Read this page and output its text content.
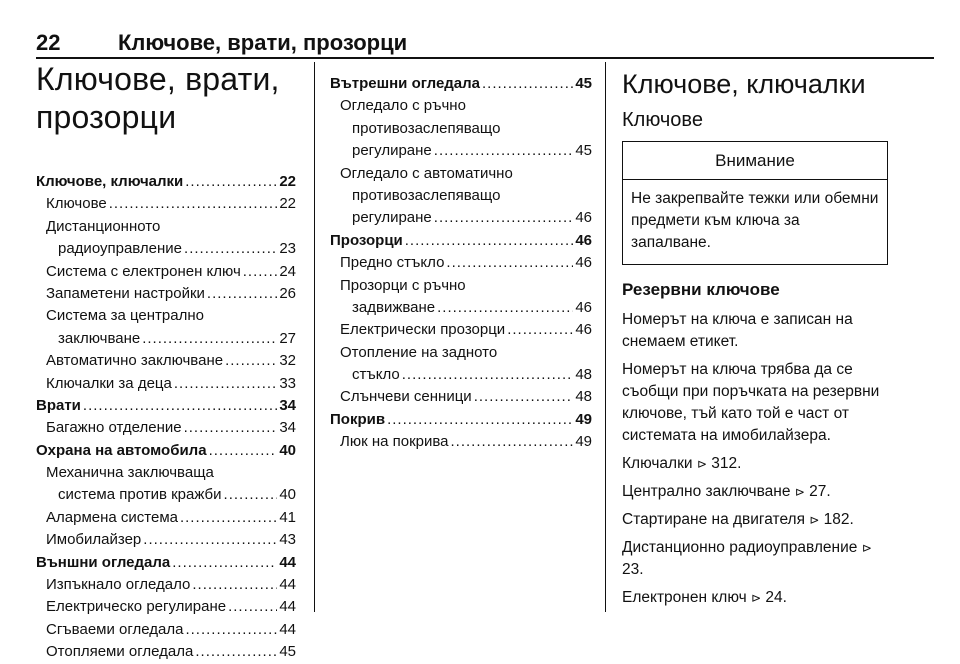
22	Ключове, врати, прозорци
Ключове, врати,
прозорци
Ключове, ключалки .....	22
Ключове .....	22
Дистанционното
радиоуправление .....	23
Система с електронен ключ .....	24
Запаметени настройки .....	26
Система за централно
заключване .....	27
Автоматично заключване .....	32
Ключалки за деца .....	33
Врати .....	34
Багажно отделение .....	34
Охрана на автомобила .....	40
Механична заключваща
система против кражби .....	40
Алармена система .....	41
Имобилайзер .....	43
Външни огледала .....	44
Изпъкнало огледало .....	44
Електрическо регулиране .....	44
Сгъваеми огледала .....	44
Отопляеми огледала .....	45
Вътрешни огледала .....	45
Огледало с ръчно
противозаслепяващо
регулиране .....	45
Огледало с автоматично
противозаслепяващо
регулиране .....	46
Прозорци .....	46
Предно стъкло .....	46
Прозорци с ръчно
задвижване .....	46
Електрически прозорци .....	46
Отопление на задното
стъкло .....	48
Слънчеви сенници .....	48
Покрив .....	49
Люк на покрива .....	49
Ключове, ключалки
Ключове
Внимание
Не закрепвайте тежки или обемни предмети към ключа за запалване.
Резервни ключове

Номерът на ключа е записан на снемаем етикет.

Номерът на ключа трябва да се съобщи при поръчката на резервни ключове, тъй като той е част от системата на имобилайзера.

Ключалки ⊳ 312.

Централно заключване ⊳ 27.

Стартиране на двигателя ⊳ 182.

Дистанционно радиоуправление ⊳ 23.

Електронен ключ ⊳ 24.
